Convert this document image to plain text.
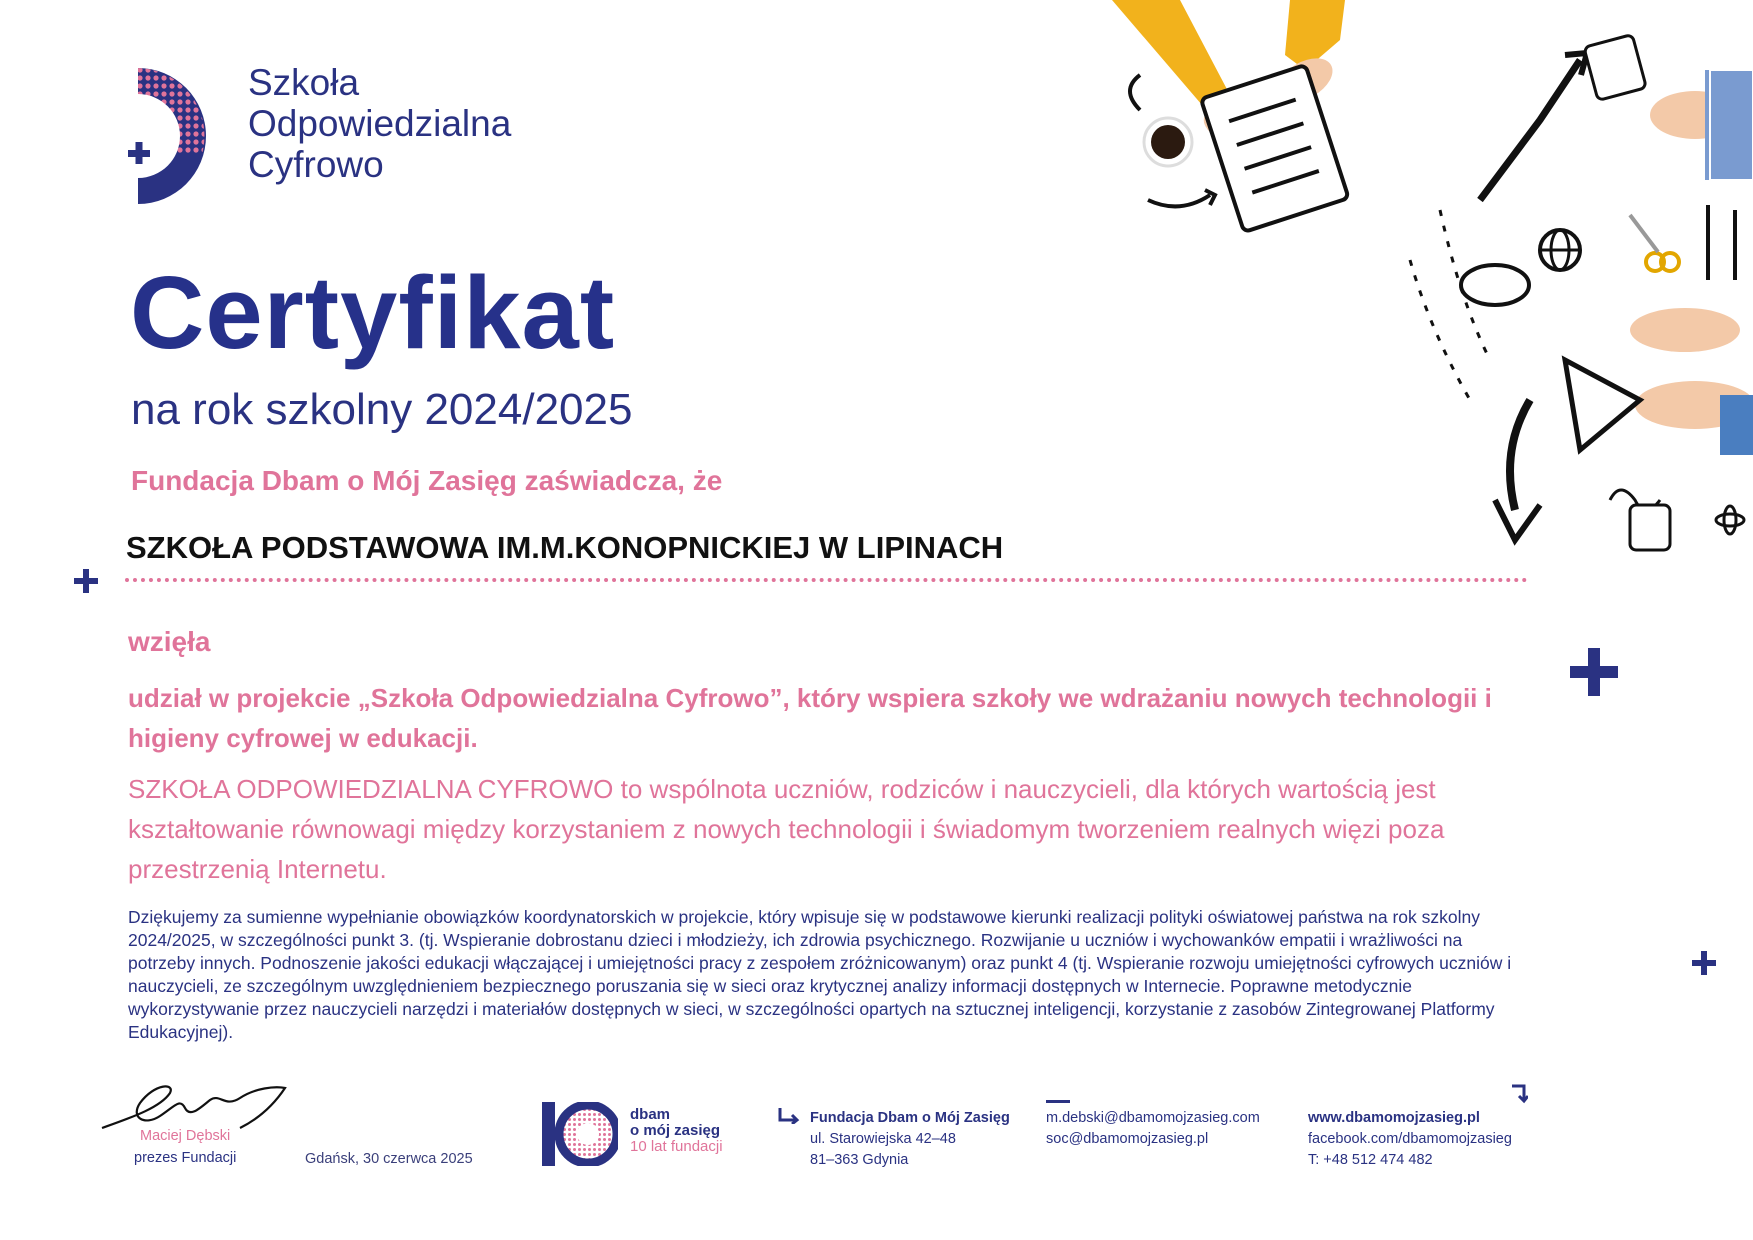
Szkoła
Odpowiedzialna
Cyfrowo
Certyfikat
na rok szkolny 2024/2025
Fundacja Dbam o Mój Zasięg zaświadcza, że
SZKOŁA PODSTAWOWA IM.M.KONOPNICKIEJ W LIPINACH
wzięła
udział w projekcie „Szkoła Odpowiedzialna Cyfrowo”, który wspiera szkoły we wdrażaniu nowych technologii i higieny cyfrowej w edukacji.
SZKOŁA ODPOWIEDZIALNA CYFROWO to wspólnota uczniów, rodziców i nauczycieli, dla których wartością jest kształtowanie równowagi między korzystaniem z nowych technologii i świadomym tworzeniem realnych więzi poza przestrzenią Internetu.
Dziękujemy za sumienne wypełnianie obowiązków koordynatorskich w projekcie, który wpisuje się w podstawowe kierunki realizacji polityki oświatowej państwa na rok szkolny 2024/2025, w szczególności punkt 3. (tj. Wspieranie dobrostanu dzieci i młodzieży, ich zdrowia psychicznego. Rozwijanie u uczniów i wychowanków empatii i wrażliwości na potrzeby innych. Podnoszenie jakości edukacji włączającej i umiejętności pracy z zespołem zróżnicowanym) oraz punkt 4 (tj. Wspieranie rozwoju umiejętności cyfrowych uczniów i nauczycieli, ze szczególnym uwzględnieniem bezpiecznego poruszania się w sieci oraz krytycznej analizy informacji dostępnych w Internecie. Poprawne metodycznie wykorzystywanie przez nauczycieli narzędzi i materiałów dostępnych w sieci, w szczególności opartych na sztucznej inteligencji, korzystanie z zasobów Zintegrowanej Platformy Edukacyjnej).
Maciej Dębski
prezes Fundacji	Gdańsk, 30 czerwca 2025
dbam
o mój zasięg
10 lat fundacji
Fundacja Dbam o Mój Zasięg
ul. Starowiejska 42–48
81–363 Gdynia
m.debski@dbamomojzasieg.com
soc@dbamomojzasieg.pl
www.dbamomojzasieg.pl
facebook.com/dbamomojzasieg
T: +48 512 474 482
